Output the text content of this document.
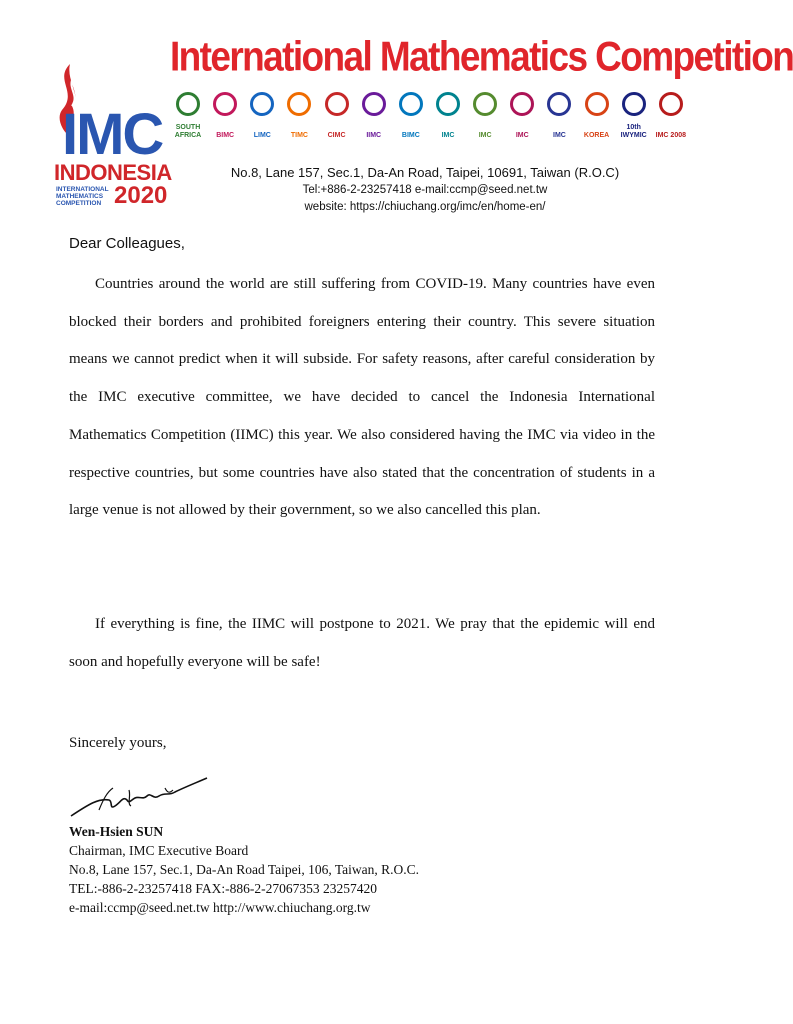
IMC
INDONESIA
INTERNATIONAL MATHEMATICS COMPETITION 2020
International Mathematics Competition
SOUTH AFRICA	BIMC	LIMC	TIMC	CIMC	IIMC	BIMC	IMC	IMC	IMC	IMC	KOREA
10th IWYMIC	IMC 2008
No.8, Lane 157, Sec.1, Da-An Road, Taipei, 10691, Taiwan (R.O.C)
Tel:+886-2-23257418 e-mail:ccmp@seed.net.tw
website: https://chiuchang.org/imc/en/home-en/

Dear Colleagues,

Countries around the world are still suffering from COVID-19. Many countries have even blocked their borders and prohibited foreigners entering their country. This severe situation means we cannot predict when it will subside. For safety reasons, after careful consideration by the IMC executive committee, we have decided to cancel the Indonesia International Mathematics Competition (IIMC) this year. We also considered having the IMC via video in the respective countries, but some countries have also stated that the concentration of students in a large venue is not allowed by their government, so we also cancelled this plan.

If everything is fine, the IIMC will postpone to 2021. We pray that the epidemic will end soon and hopefully everyone will be safe!

Sincerely yours,

Wen-Hsien SUN
Chairman, IMC Executive Board
No.8, Lane 157, Sec.1, Da-An Road Taipei, 106, Taiwan, R.O.C.
TEL:-886-2-23257418 FAX:-886-2-27067353 23257420
e-mail:ccmp@seed.net.tw http://www.chiuchang.org.tw
